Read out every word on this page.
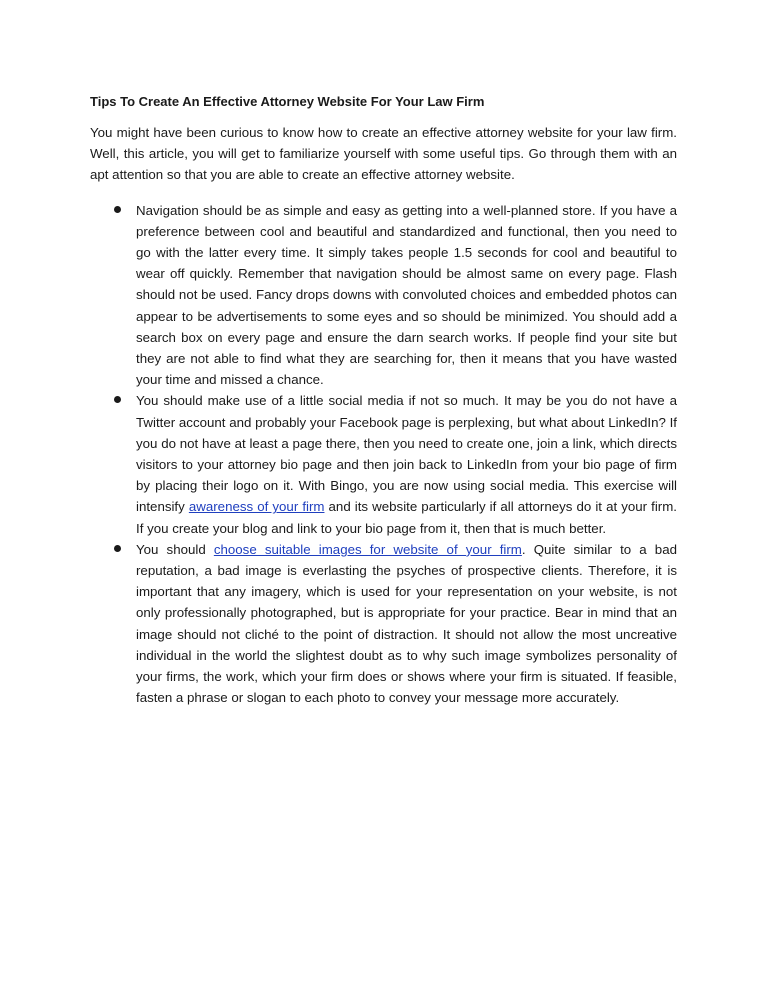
Tips To Create An Effective Attorney Website For Your Law Firm

You might have been curious to know how to create an effective attorney website for your law firm. Well, this article, you will get to familiarize yourself with some useful tips. Go through them with an apt attention so that you are able to create an effective attorney website.

Navigation should be as simple and easy as getting into a well-planned store. If you have a preference between cool and beautiful and standardized and functional, then you need to go with the latter every time. It simply takes people 1.5 seconds for cool and beautiful to wear off quickly. Remember that navigation should be almost same on every page. Flash should not be used. Fancy drops downs with convoluted choices and embedded photos can appear to be advertisements to some eyes and so should be minimized. You should add a search box on every page and ensure the darn search works. If people find your site but they are not able to find what they are searching for, then it means that you have wasted your time and missed a chance.
You should make use of a little social media if not so much. It may be you do not have a Twitter account and probably your Facebook page is perplexing, but what about LinkedIn? If you do not have at least a page there, then you need to create one, join a link, which directs visitors to your attorney bio page and then join back to LinkedIn from your bio page of firm by placing their logo on it. With Bingo, you are now using social media. This exercise will intensify awareness of your firm and its website particularly if all attorneys do it at your firm. If you create your blog and link to your bio page from it, then that is much better.
You should choose suitable images for website of your firm. Quite similar to a bad reputation, a bad image is everlasting the psyches of prospective clients. Therefore, it is important that any imagery, which is used for your representation on your website, is not only professionally photographed, but is appropriate for your practice. Bear in mind that an image should not cliché to the point of distraction. It should not allow the most uncreative individual in the world the slightest doubt as to why such image symbolizes personality of your firms, the work, which your firm does or shows where your firm is situated. If feasible, fasten a phrase or slogan to each photo to convey your message more accurately.
